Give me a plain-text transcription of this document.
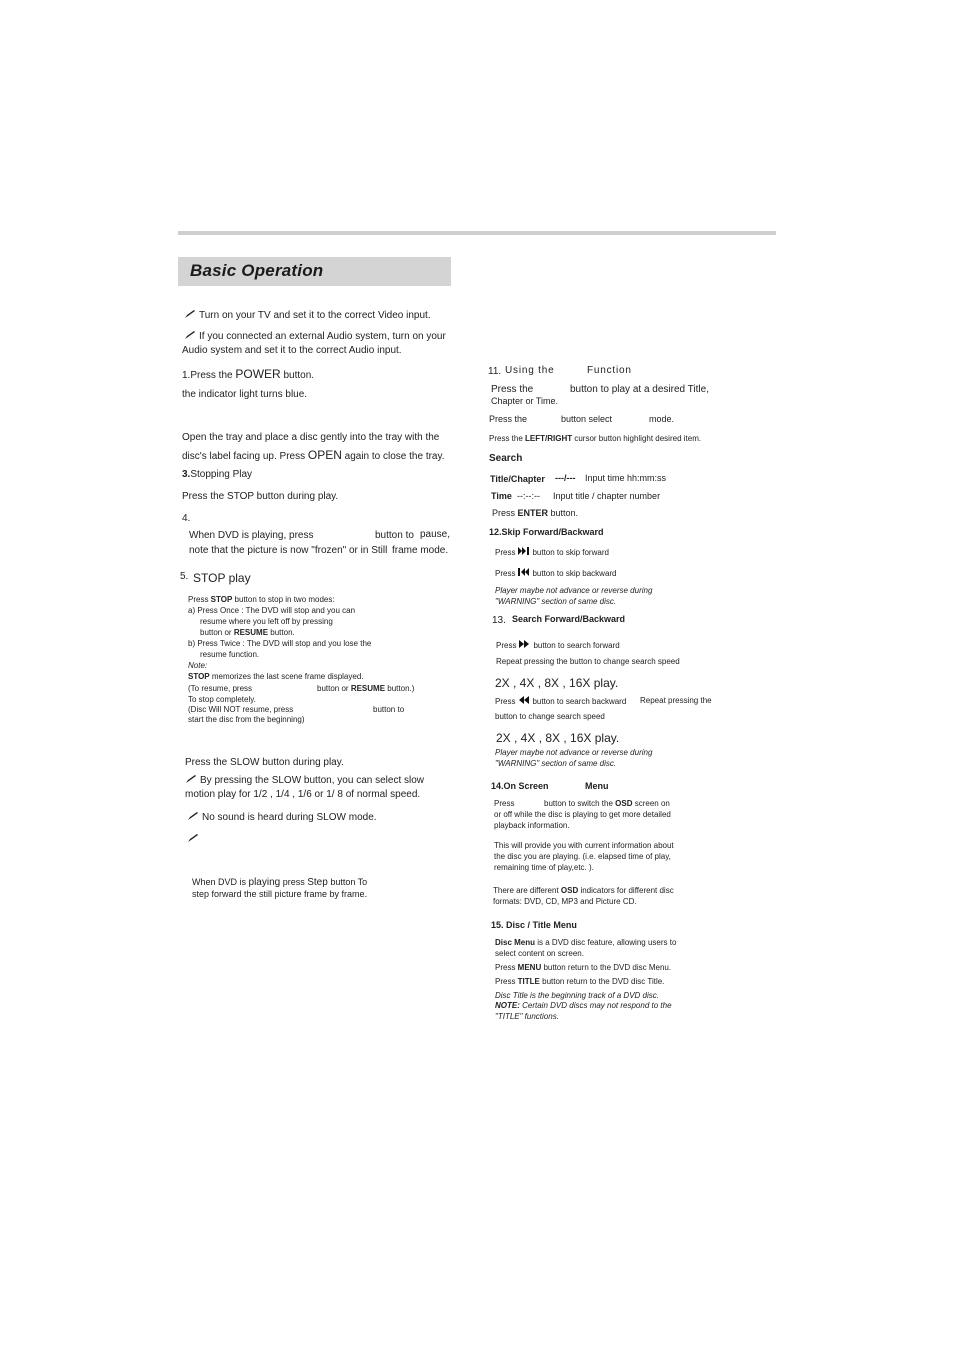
Basic Operation
Turn on your TV and set it to the correct Video input.
If you connected an external Audio system, turn on your
Audio system and set it to the correct Audio input.
1.Press the POWER button.
the indicator light turns blue.
Open the tray and place a disc gently into the tray with the
disc's label facing up. Press OPEN again to close the tray.
3.Stopping Play
Press the STOP button during play.
4.
When DVD is playing, press	button to pause,
note that the picture is now "frozen" or in Still frame mode.
5. STOP play
Press STOP button to stop in two modes:
a) Press Once : The DVD will stop and you can
resume where you left off by pressing
button or RESUME button.
b) Press Twice : The DVD will stop and you lose the
resume function.
Note:
STOP memorizes the last scene frame displayed.
(To resume, press	button or RESUME button.)
To stop completely.
(Disc Will NOT resume, press	button to
start the disc from the beginning)
Press the SLOW button during play.
By pressing the SLOW button, you can select slow
motion play for 1/2 , 1/4 , 1/6 or 1/ 8 of normal speed.
No sound is heard during SLOW mode.
When DVD is playing press Step button To
step forward the still picture frame by frame.
11. Using the	Function
Press the	button to play at a desired Title,
Chapter or Time.
Press the	button select	mode.
Press the LEFT/RIGHT cursor button highlight desired item.
Search
Title/Chapter ---/--- Input time hh:mm:ss
Time --:--:-- Input title / chapter number
Press ENTER button.
12.Skip Forward/Backward
Press button to skip forward
Press button to skip backward
Player maybe not advance or reverse during
"WARNING" section of same disc.
13. Search Forward/Backward
Press button to search forward
Repeat pressing the button to change search speed
2X , 4X , 8X , 16X play.
Press button to search backward Repeat pressing the
button to change search speed
2X , 4X , 8X , 16X play.
Player maybe not advance or reverse during
"WARNING" section of same disc.
14.On Screen	Menu
Press	button to switch the OSD screen on
or off while the disc is playing to get more detailed
playback information.
This will provide you with current information about
the disc you are playing. (i.e. elapsed time of play,
remaining time of play,etc. ).
There are different OSD indicators for different disc
formats: DVD, CD, MP3 and Picture CD.
15. Disc / Title Menu
Disc Menu is a DVD disc feature, allowing users to
select content on screen.
Press MENU button return to the DVD disc Menu.
Press TITLE button return to the DVD disc Title.
Disc Title is the beginning track of a DVD disc.
NOTE: Certain DVD discs may not respond to the
"TITLE" functions.
